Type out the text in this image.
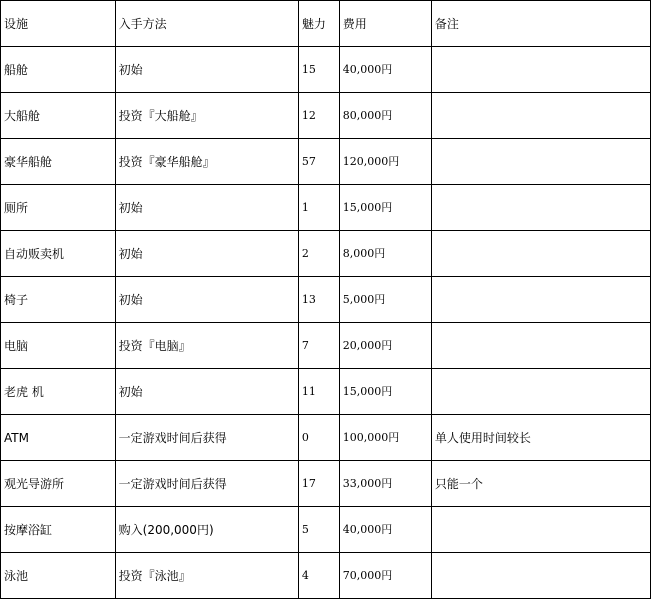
设施	入手方法	魅力	费用	备注
船舱	初始	15	40,000円	
大船舱	投资『大船舱』	12	80,000円	
豪华船舱	投资『豪华船舱』	57	120,000円	
厕所	初始	1	15,000円	
自动贩卖机	初始	2	8,000円	
椅子	初始	13	5,000円	
电脑	投资『电脑』	7	20,000円	
老虎 机	初始	11	15,000円	
ATM	一定游戏时间后获得	0	100,000円	单人使用时间较长
观光导游所	一定游戏时间后获得	17	33,000円	只能一个
按摩浴缸	购入(200,000円)	5	40,000円	
泳池	投资『泳池』	4	70,000円	
